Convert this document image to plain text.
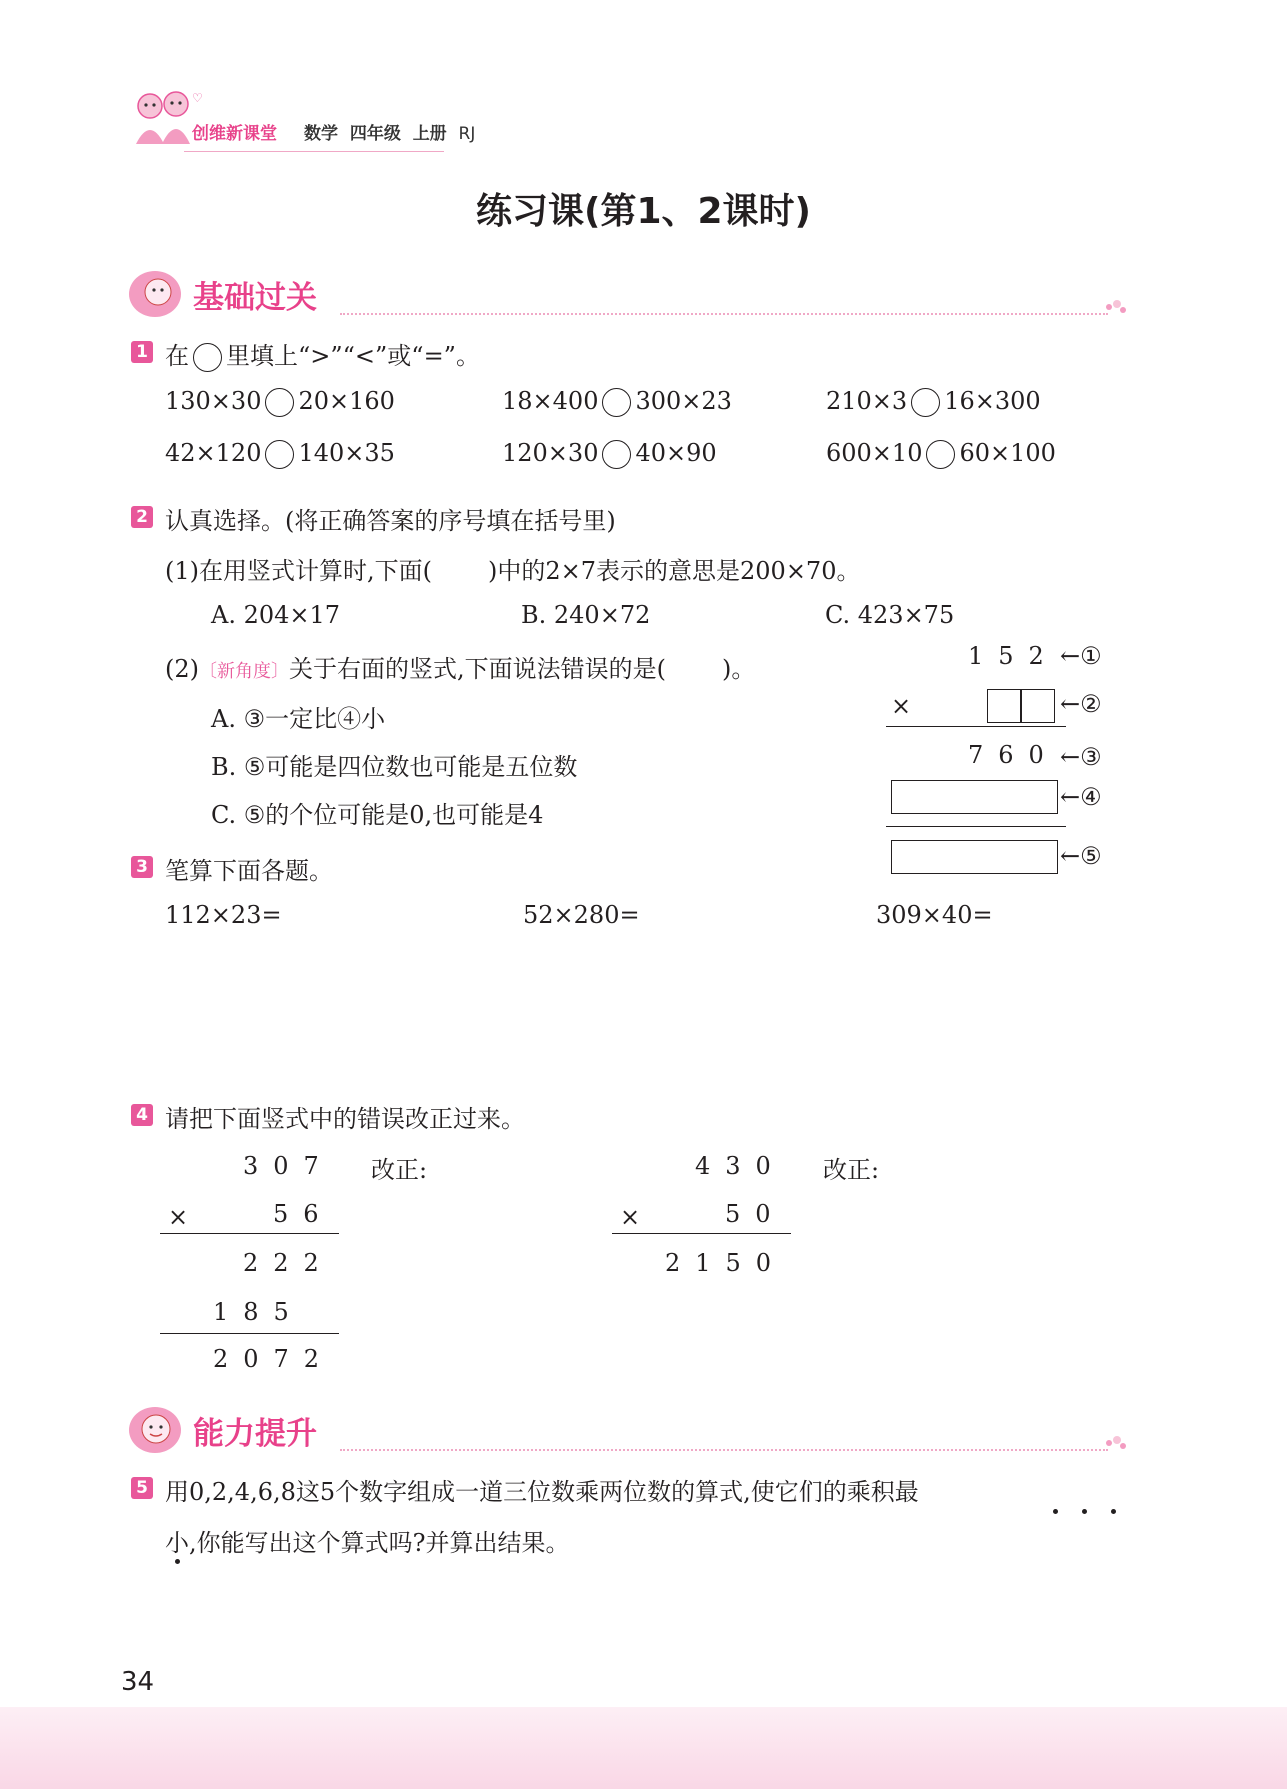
♡
创维新课堂 数学 四年级 上册 RJ
练习课(第1、2课时)
基础过关
1 在 里填上“>”“<”或“=”。
130×30 20×160	18×400 300×23	210×3 16×300
42×120 140×35	120×30 40×90	600×10 60×100
2 认真选择。(将正确答案的序号填在括号里)
(1)在用竖式计算时,下面( )中的2×7表示的意思是200×70。
A. 204×17	B. 240×72	C. 423×75
(2)〔新角度〕关于右面的竖式,下面说法错误的是( )。
A. ③一定比④小
B. ⑤可能是四位数也可能是五位数
C. ⑤的个位可能是0,也可能是4
152 ←①
×	←②
760 ←③
←④
←⑤
3 笔算下面各题。
112×23=	52×280=	309×40=
4 请把下面竖式中的错误改正过来。
307 改正:
×	56
222
185
2072
430 改正:
×	50
2150
能力提升
5 用0,2,4,6,8这5个数字组成一道三位数乘两位数的算式,使它们的乘积最
小,你能写出这个算式吗?并算出结果。
34
